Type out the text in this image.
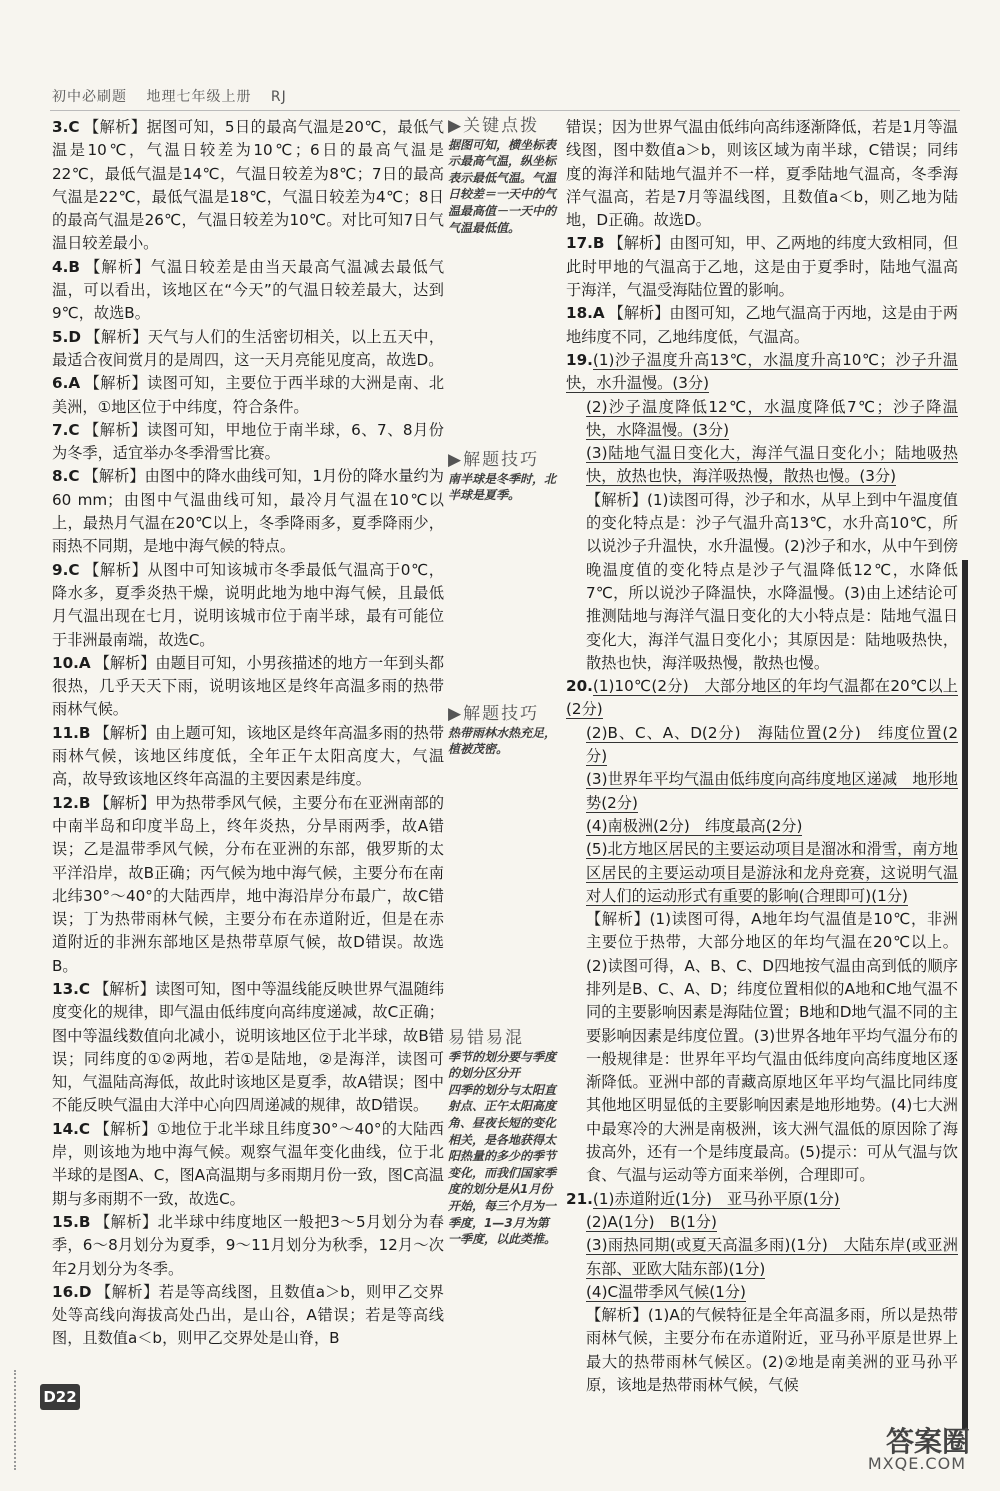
初中必刷题 地理七年级上册 RJ

3.C 【解析】据图可知，5日的最高气温是20℃，最低气温是10℃，气温日较差为10℃；6日的最高气温是22℃，最低气温是14℃，气温日较差为8℃；7日的最高气温是22℃，最低气温是18℃，气温日较差为4℃；8日的最高气温是26℃，气温日较差为10℃。对比可知7日气温日较差最小。

4.B 【解析】气温日较差是由当天最高气温减去最低气温，可以看出，该地区在“今天”的气温日较差最大，达到9℃，故选B。

5.D 【解析】天气与人们的生活密切相关，以上五天中，最适合夜间赏月的是周四，这一天月亮能见度高，故选D。

6.A 【解析】读图可知，主要位于西半球的大洲是南、北美洲，①地区位于中纬度，符合条件。

7.C 【解析】读图可知，甲地位于南半球，6、7、8月份为冬季，适宜举办冬季滑雪比赛。

8.C 【解析】由图中的降水曲线可知，1月份的降水量约为60 mm；由图中气温曲线可知，最冷月气温在10℃以上，最热月气温在20℃以上，冬季降雨多，夏季降雨少，雨热不同期，是地中海气候的特点。

9.C 【解析】从图中可知该城市冬季最低气温高于0℃，降水多，夏季炎热干燥，说明此地为地中海气候，且最低月气温出现在七月，说明该城市位于南半球，最有可能位于非洲最南端，故选C。

10.A 【解析】由题目可知，小男孩描述的地方一年到头都很热，几乎天天下雨，说明该地区是终年高温多雨的热带雨林气候。

11.B 【解析】由上题可知，该地区是终年高温多雨的热带雨林气候，该地区纬度低，全年正午太阳高度大，气温高，故导致该地区终年高温的主要因素是纬度。

12.B 【解析】甲为热带季风气候，主要分布在亚洲南部的中南半岛和印度半岛上，终年炎热，分旱雨两季，故A错误；乙是温带季风气候，分布在亚洲的东部，俄罗斯的太平洋沿岸，故B正确；丙气候为地中海气候，主要分布在南北纬30°～40°的大陆西岸，地中海沿岸分布最广，故C错误；丁为热带雨林气候，主要分布在赤道附近，但是在赤道附近的非洲东部地区是热带草原气候，故D错误。故选B。

13.C 【解析】读图可知，图中等温线能反映世界气温随纬度变化的规律，即气温由低纬度向高纬度递减，故C正确；图中等温线数值向北减小，说明该地区位于北半球，故B错误；同纬度的①②两地，若①是陆地，②是海洋，读图可知，气温陆高海低，故此时该地区是夏季，故A错误；图中不能反映气温由大洋中心向四周递减的规律，故D错误。

14.C 【解析】①地位于北半球且纬度30°～40°的大陆西岸，则该地为地中海气候。观察气温年变化曲线，位于北半球的是图A、C，图A高温期与多雨期月份一致，图C高温期与多雨期不一致，故选C。

15.B 【解析】北半球中纬度地区一般把3～5月划分为春季，6～8月划分为夏季，9～11月划分为秋季，12月～次年2月划分为冬季。

16.D 【解析】若是等高线图，且数值a＞b，则甲乙交界处等高线向海拔高处凸出，是山谷，A错误；若是等高线图，且数值a＜b，则甲乙交界处是山脊，B

▶关键点拨
据图可知，横坐标表示最高气温，纵坐标表示最低气温。气温日较差＝一天中的气温最高值－一天中的气温最低值。
▶解题技巧
南半球是冬季时，北半球是夏季。
▶解题技巧
热带雨林水热充足，植被茂密。
易错易混
季节的划分要与季度的划分区分开
四季的划分与太阳直射点、正午太阳高度角、昼夜长短的变化相关，是各地获得太阳热量的多少的季节变化，而我们国家季度的划分是从1月份开始，每三个月为一季度，1—3月为第一季度，以此类推。

错误；因为世界气温由低纬向高纬逐渐降低，若是1月等温线图，图中数值a＞b，则该区域为南半球，C错误；同纬度的海洋和陆地气温并不一样，夏季陆地气温高，冬季海洋气温高，若是7月等温线图，且数值a＜b，则乙地为陆地，D正确。故选D。

17.B 【解析】由图可知，甲、乙两地的纬度大致相同，但此时甲地的气温高于乙地，这是由于夏季时，陆地气温高于海洋，气温受海陆位置的影响。

18.A 【解析】由图可知，乙地气温高于丙地，这是由于两地纬度不同，乙地纬度低，气温高。

19.(1)沙子温度升高13℃，水温度升高10℃；沙子升温快，水升温慢。(3分)

(2)沙子温度降低12℃，水温度降低7℃；沙子降温快，水降温慢。(3分)

(3)陆地气温日变化大，海洋气温日变化小；陆地吸热快，放热也快，海洋吸热慢，散热也慢。(3分)

【解析】(1)读图可得，沙子和水，从早上到中午温度值的变化特点是：沙子气温升高13℃，水升高10℃，所以说沙子升温快，水升温慢。(2)沙子和水，从中午到傍晚温度值的变化特点是沙子气温降低12℃，水降低7℃，所以说沙子降温快，水降温慢。(3)由上述结论可推测陆地与海洋气温日变化的大小特点是：陆地气温日变化大，海洋气温日变化小；其原因是：陆地吸热快，散热也快，海洋吸热慢，散热也慢。

20.(1)10℃(2分)　大部分地区的年均气温都在20℃以上(2分)

(2)B、C、A、D(2分)　海陆位置(2分)　纬度位置(2分)

(3)世界年平均气温由低纬度向高纬度地区递减　地形地势(2分)

(4)南极洲(2分)　纬度最高(2分)

(5)北方地区居民的主要运动项目是溜冰和滑雪，南方地区居民的主要运动项目是游泳和龙舟竞赛，这说明气温对人们的运动形式有重要的影响(合理即可)(1分)

【解析】(1)读图可得，A地年均气温值是10℃，非洲主要位于热带，大部分地区的年均气温在20℃以上。(2)读图可得，A、B、C、D四地按气温由高到低的顺序排列是B、C、A、D；纬度位置相似的A地和C地气温不同的主要影响因素是海陆位置；B地和D地气温不同的主要影响因素是纬度位置。(3)世界各地年平均气温分布的一般规律是：世界年平均气温由低纬度向高纬度地区逐渐降低。亚洲中部的青藏高原地区年平均气温比同纬度其他地区明显低的主要影响因素是地形地势。(4)七大洲中最寒冷的大洲是南极洲，该大洲气温低的原因除了海拔高外，还有一个是纬度最高。(5)提示：可从气温与饮食、气温与运动等方面来举例，合理即可。

21.(1)赤道附近(1分)　亚马孙平原(1分)

(2)A(1分)　B(1分)

(3)雨热同期(或夏天高温多雨)(1分)　大陆东岸(或亚洲东部、亚欧大陆东部)(1分)

(4)C温带季风气候(1分)

【解析】(1)A的气候特征是全年高温多雨，所以是热带雨林气候，主要分布在赤道附近，亚马孙平原是世界上最大的热带雨林气候区。(2)②地是南美洲的亚马孙平原，该地是热带雨林气候，气候

D22
答案圈
MXQE.COM
